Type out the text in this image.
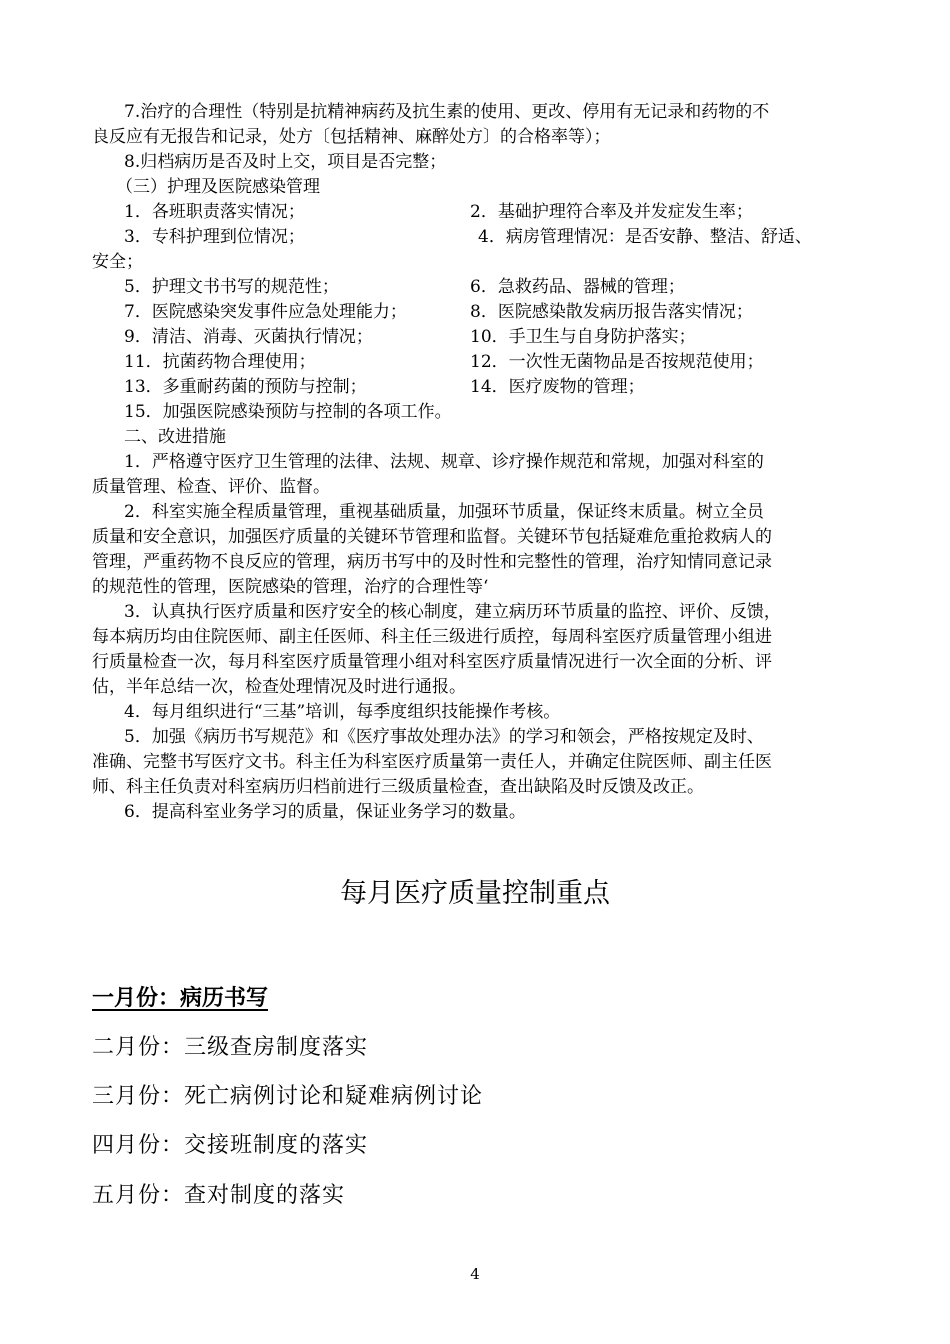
7.治疗的合理性（特别是抗精神病药及抗生素的使用、更改、停用有无记录和药物的不
良反应有无报告和记录，处方〔包括精神、麻醉处方〕的合格率等）；
8.归档病历是否及时上交，项目是否完整；
（三）护理及医院感染管理
1．各班职责落实情况；	2．基础护理符合率及并发症发生率；
3．专科护理到位情况；	4．病房管理情况：是否安静、整洁、舒适、
安全；
5．护理文书书写的规范性；	6．急救药品、器械的管理；
7．医院感染突发事件应急处理能力；	8．医院感染散发病历报告落实情况；
9．清洁、消毒、灭菌执行情况；	10．手卫生与自身防护落实；
11．抗菌药物合理使用；	12．一次性无菌物品是否按规范使用；
13．多重耐药菌的预防与控制；	14．医疗废物的管理；
15．加强医院感染预防与控制的各项工作。
二、改进措施
1．严格遵守医疗卫生管理的法律、法规、规章、诊疗操作规范和常规，加强对科室的
质量管理、检查、评价、监督。
2．科室实施全程质量管理，重视基础质量，加强环节质量，保证终末质量。树立全员
质量和安全意识，加强医疗质量的关键环节管理和监督。关键环节包括疑难危重抢救病人的
管理，严重药物不良反应的管理，病历书写中的及时性和完整性的管理，治疗知情同意记录
的规范性的管理，医院感染的管理，治疗的合理性等‘
3．认真执行医疗质量和医疗安全的核心制度，建立病历环节质量的监控、评价、反馈，
每本病历均由住院医师、副主任医师、科主任三级进行质控，每周科室医疗质量管理小组进
行质量检查一次，每月科室医疗质量管理小组对科室医疗质量情况进行一次全面的分析、评
估，半年总结一次，检查处理情况及时进行通报。
4．每月组织进行“三基”培训，每季度组织技能操作考核。
5．加强《病历书写规范》和《医疗事故处理办法》的学习和领会，严格按规定及时、
准确、完整书写医疗文书。科主任为科室医疗质量第一责任人，并确定住院医师、副主任医
师、科主任负责对科室病历归档前进行三级质量检查，查出缺陷及时反馈及改正。
6．提高科室业务学习的质量，保证业务学习的数量。
每月医疗质量控制重点
一月份：病历书写
二月份：三级查房制度落实
三月份：死亡病例讨论和疑难病例讨论
四月份：交接班制度的落实
五月份：查对制度的落实
4
